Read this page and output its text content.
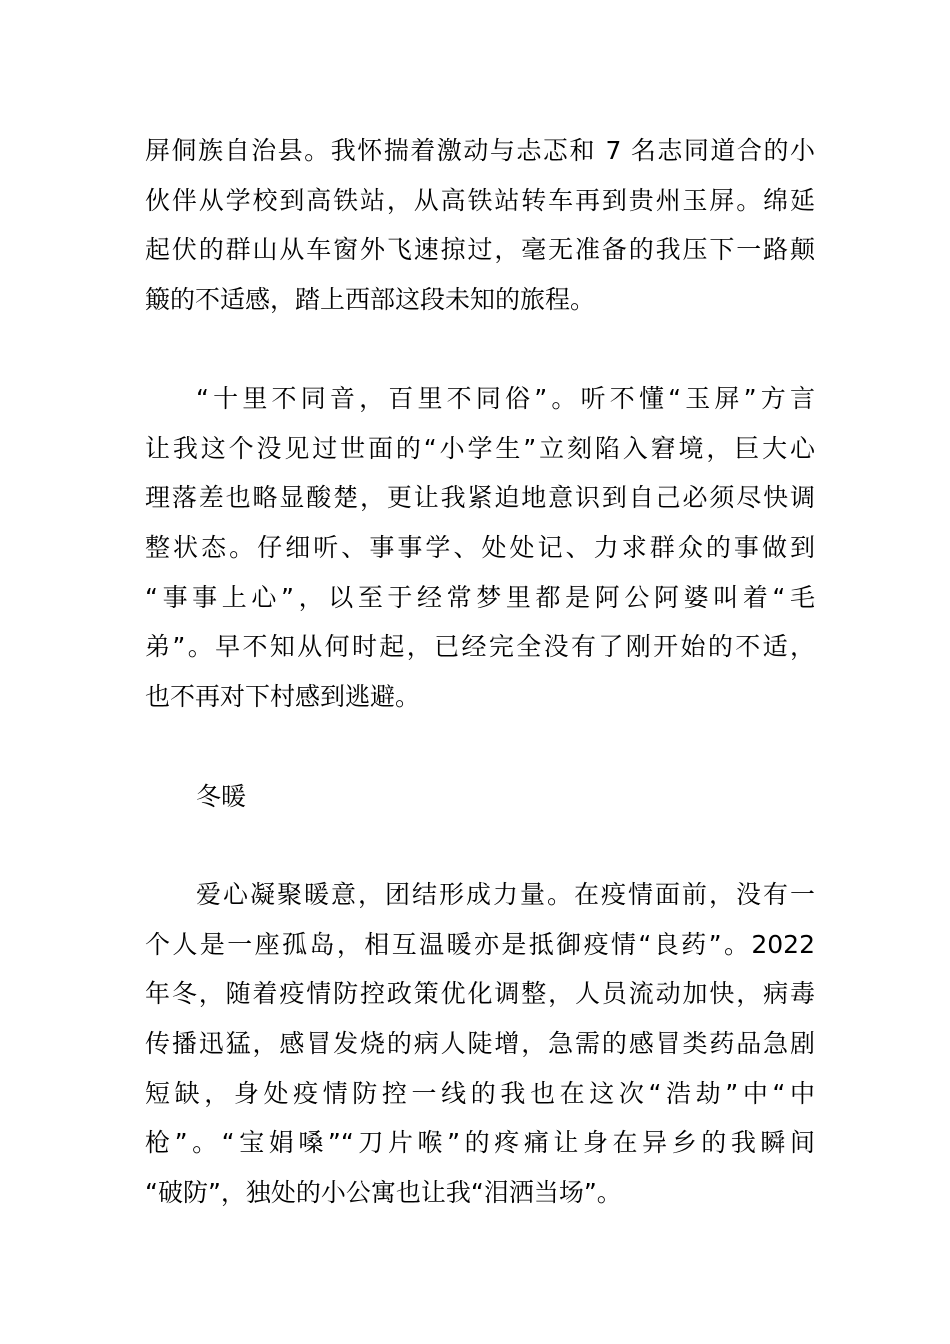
屏侗族自治县。我怀揣着激动与忐忑和 7 名志同道合的小
伙伴从学校到高铁站，从高铁站转车再到贵州玉屏。绵延
起伏的群山从车窗外飞速掠过，毫无准备的我压下一路颠
簸的不适感，踏上西部这段未知的旅程。
“十里不同音，百里不同俗”。听不懂“玉屏”方言
让我这个没见过世面的“小学生”立刻陷入窘境，巨大心
理落差也略显酸楚，更让我紧迫地意识到自己必须尽快调
整状态。仔细听、事事学、处处记、力求群众的事做到
“事事上心”，以至于经常梦里都是阿公阿婆叫着“毛
弟”。早不知从何时起，已经完全没有了刚开始的不适，
也不再对下村感到逃避。
冬暖
爱心凝聚暖意，团结形成力量。在疫情面前，没有一
个人是一座孤岛，相互温暖亦是抵御疫情“良药”。2022
年冬，随着疫情防控政策优化调整，人员流动加快，病毒
传播迅猛，感冒发烧的病人陡增，急需的感冒类药品急剧
短缺，身处疫情防控一线的我也在这次“浩劫”中“中
枪”。“宝娟嗓”“刀片喉”的疼痛让身在异乡的我瞬间
“破防”，独处的小公寓也让我“泪洒当场”。
